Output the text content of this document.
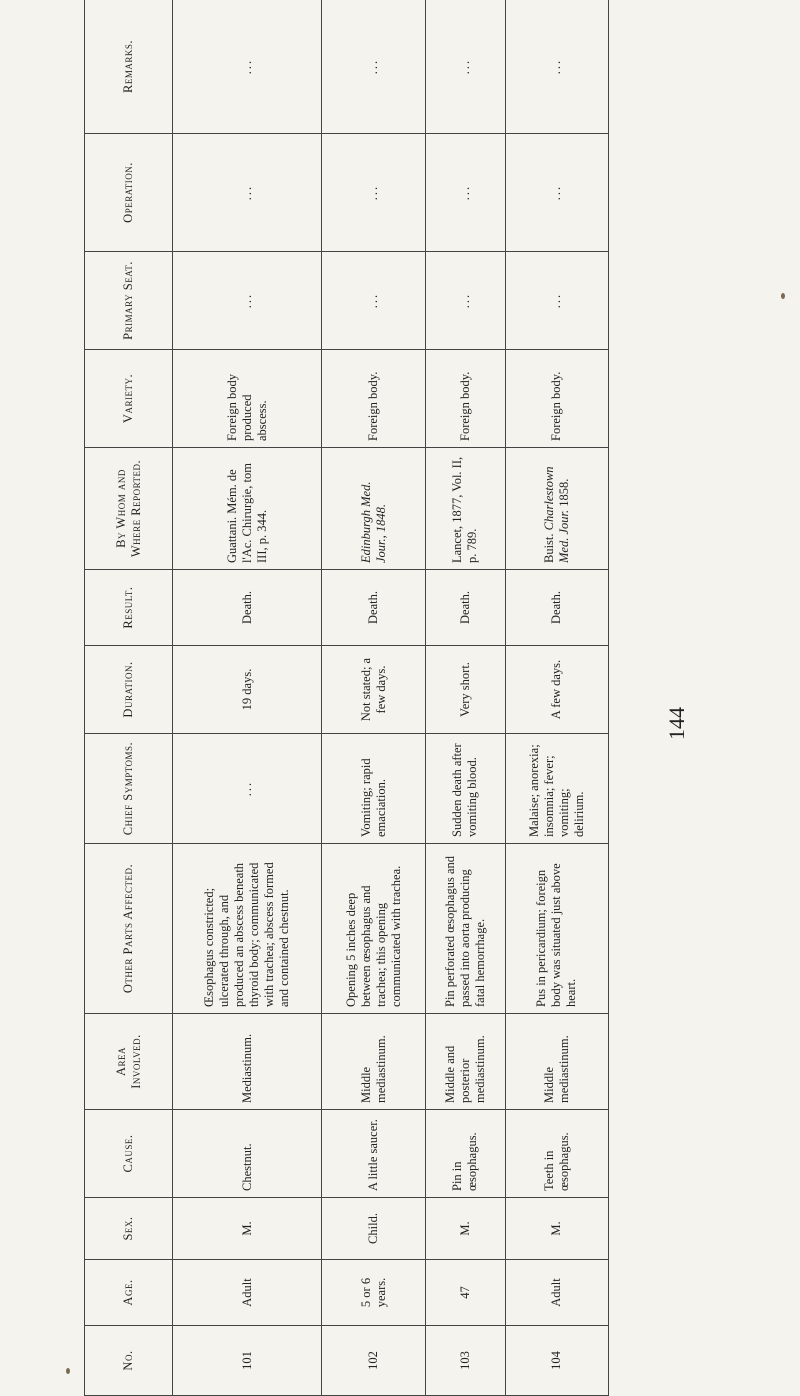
No.	Age.	Sex.	Cause.	Area Involved.	Other Parts Affected.	Chief Symptoms.	Duration.	Result.	By Whom and Where Reported.	Variety.	Primary Seat.	Operation.	Remarks.
101	Adult	M.	Chestnut.	Mediastinum.	Œsophagus constricted; ulcerated through, and produced an abscess beneath thyroid body; communicated with trachea; abscess formed and contained chestnut.	...	19 days.	Death.	Guattani. Mém. de l'Ac. Chirurgie, tom III, p. 344.	Foreign body produced abscess.	...	...	...
102	5 or 6 years.	Child.	A little saucer.	Middle mediastinum.	Opening 5 inches deep between œsophagus and trachea; this opening communicated with trachea.	Vomiting; rapid emaciation.	Not stated; a few days.	Death.	Edinburgh Med. Jour., 1848.	Foreign body.	...	...	...
103	47	M.	Pin in œsophagus.	Middle and posterior mediastinum.	Pin perforated œsophagus and passed into aorta producing fatal hemorrhage.	Sudden death after vomiting blood.	Very short.	Death.	Lancet, 1877, Vol. II, p. 789.	Foreign body.	...	...	...
104	Adult	M.	Teeth in œsophagus.	Middle mediastinum.	Pus in pericardium; foreign body was situated just above heart.	Malaise; anorexia; insomnia; fever; vomiting; delirium.	A few days.	Death.	Buist. Charlestown Med. Jour. 1858.	Foreign body.	...	...	...
144
